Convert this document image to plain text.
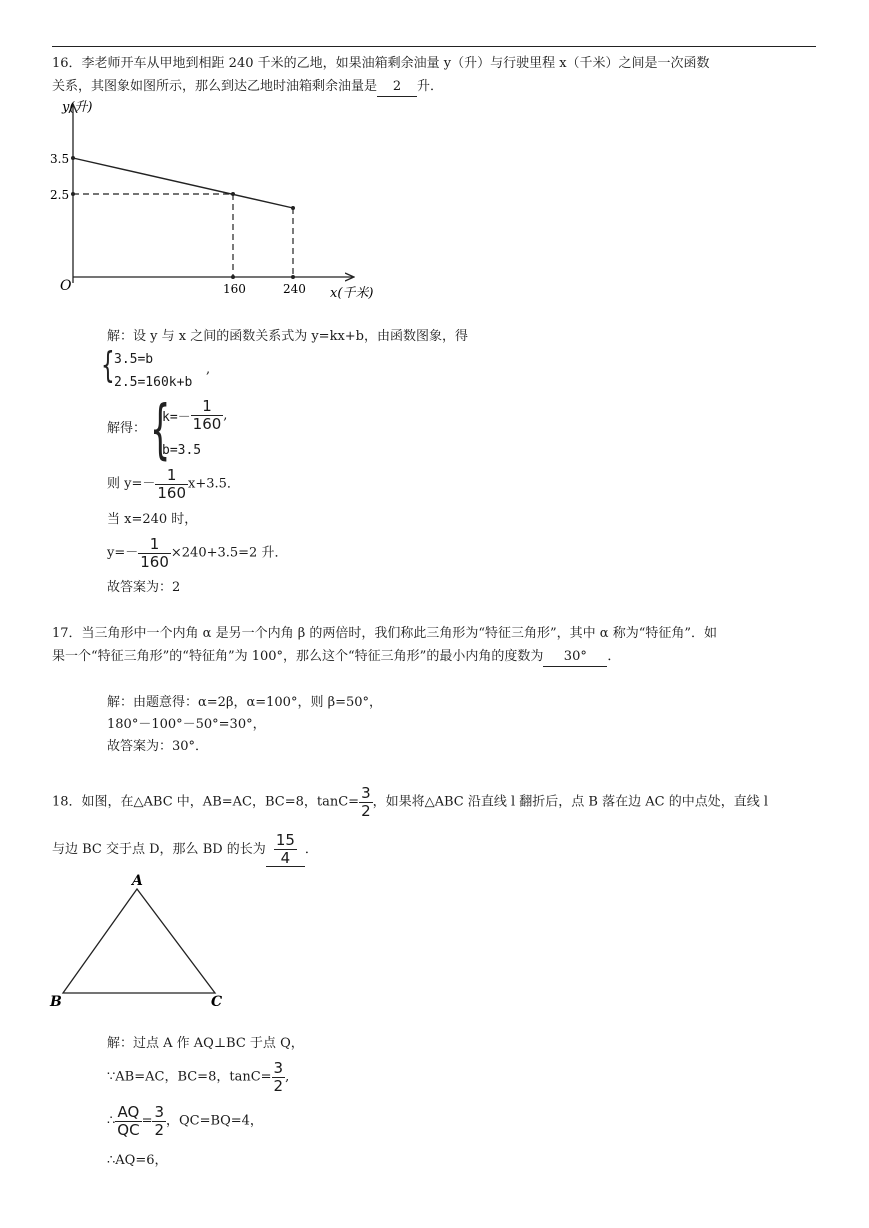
16．李老师开车从甲地到相距 240 千米的乙地，如果油箱剩余油量 y（升）与行驶里程 x（千米）之间是一次函数
关系，其图象如图所示，那么到达乙地时油箱剩余油量是 2 升．
y(升)
x(千米)
O
3.5
2.5
160	240
解：设 y 与 x 之间的函数关系式为 y=kx+b，由函数图象，得
{ 3.5=b
2.5=160k+b
,
解得： {
$k=- \frac{1}{160}$ ,
b=3.5
则 $y=- \frac{1}{160} x+3.5$．
当 x=240 时，
$y=- \frac{1}{160} \times 240+3.5=2$ 升．
故答案为：2
17．当三角形中一个内角 α 是另一个内角 β 的两倍时，我们称此三角形为“特征三角形”，其中 α 称为“特征角”．如
果一个“特征三角形”的“特征角”为 100°，那么这个“特征三角形”的最小内角的度数为 30° ．
解：由题意得：α=2β，α=100°，则 β=50°，
180°－100°－50°=30°，
故答案为：30°．
18．如图，在△ABC 中，AB=AC，BC=8，$\tan C= \frac{3}{2}$ ，如果将△ABC 沿直线 l 翻折后，点 B 落在边 AC 的中点处，直线 l
与边 BC 交于点 D，那么 BD 的长为 $\frac{15}{4}$ ．
A
B	C
解：过点 A 作 AQ⊥BC 于点 Q，
∵AB=AC，BC=8，$\tan C= \frac{3}{2}$ ,
∴ $\frac{AQ}{QC} = \frac{3}{2}$ ，QC=BQ=4，
∴AQ=6，
